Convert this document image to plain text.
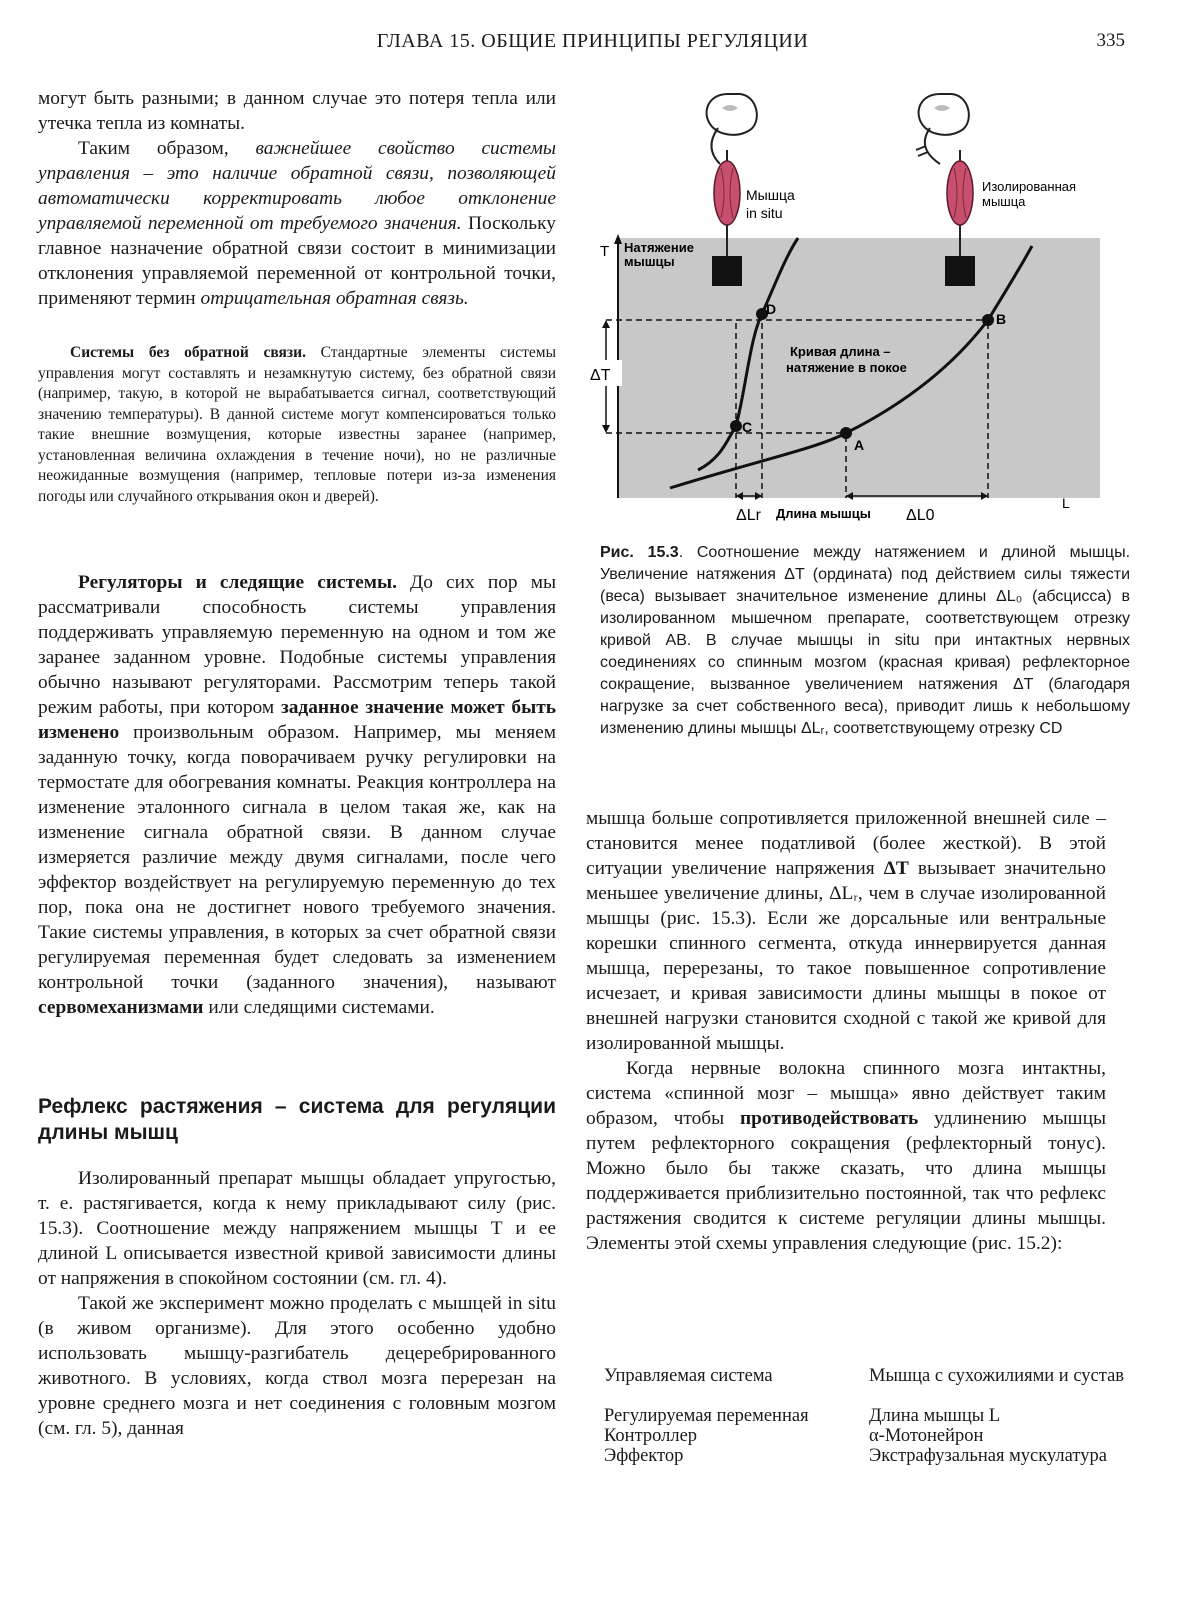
ГЛАВА 15. ОБЩИЕ ПРИНЦИПЫ РЕГУЛЯЦИИ	335

могут быть разными; в данном случае это потеря тепла или утечка тепла из комнаты.

Таким образом, важнейшее свойство системы управления – это наличие обратной связи, позволяющей автоматически корректировать любое отклонение управляемой переменной от требуемого значения. Поскольку главное назначение обратной связи состоит в минимизации отклонения управляемой переменной от контрольной точки, применяют термин отрицательная обратная связь.

Системы без обратной связи. Стандартные элементы системы управления могут составлять и незамкнутую систему, без обратной связи (например, такую, в которой не вырабатывается сигнал, соответствующий значению температуры). В данной системе могут компенсироваться только такие внешние возмущения, которые известны заранее (например, установленная величина охлаждения в течение ночи), но не различные неожиданные возмущения (например, тепловые потери из-за изменения погоды или случайного открывания окон и дверей).

Регуляторы и следящие системы. До сих пор мы рассматривали способность системы управления поддерживать управляемую переменную на одном и том же заранее заданном уровне. Подобные системы управления обычно называют регуляторами. Рассмотрим теперь такой режим работы, при котором заданное значение может быть изменено произвольным образом. Например, мы меняем заданную точку, когда поворачиваем ручку регулировки на термостате для обогревания комнаты. Реакция контроллера на изменение эталонного сигнала в целом такая же, как на изменение сигнала обратной связи. В данном случае измеряется различие между двумя сигналами, после чего эффектор воздействует на регулируемую переменную до тех пор, пока она не достигнет нового требуемого значения. Такие системы управления, в которых за счет обратной связи регулируемая переменная будет следовать за изменением контрольной точки (заданного значения), называют сервомеханизмами или следящими системами.

Рефлекс растяжения – система для регуляции длины мышц

Изолированный препарат мышцы обладает упругостью, т. е. растягивается, когда к нему прикладывают силу (рис. 15.3). Соотношение между напряжением мышцы T и ее длиной L описывается известной кривой зависимости длины от напряжения в спокойном состоянии (см. гл. 4).

Такой же эксперимент можно проделать с мышцей in situ (в живом организме). Для этого особенно удобно использовать мышцу-разгибатель децеребрированного животного. В условиях, когда ствол мозга перерезан на уровне среднего мозга и нет соединения с головным мозгом (см. гл. 5), данная

Мышца
in situ
Изолированная
мышца
T Натяжение
мышцы
L
A
B
C
D
Кривая длина –
натяжение в покое
ΔT
ΔLr Длина мышцы ΔL0
Рис. 15.3. Соотношение между натяжением и длиной мышцы. Увеличение натяжения ΔT (ордината) под действием силы тяжести (веса) вызывает значительное изменение длины ΔL₀ (абсцисса) в изолированном мышечном препарате, соответствующем отрезку кривой AB. В случае мышцы in situ при интактных нервных соединениях со спинным мозгом (красная кривая) рефлекторное сокращение, вызванное увеличением натяжения ΔT (благодаря нагрузке за счет собственного веса), приводит лишь к небольшому изменению длины мышцы ΔLᵣ, соответствующему отрезку CD

мышца больше сопротивляется приложенной внешней силе – становится менее податливой (более жесткой). В этой ситуации увеличение напряжения ΔT вызывает значительно меньшее увеличение длины, ΔLᵣ, чем в случае изолированной мышцы (рис. 15.3). Если же дорсальные или вентральные корешки спинного сегмента, откуда иннервируется данная мышца, перерезаны, то такое повышенное сопротивление исчезает, и кривая зависимости длины мышцы в покое от внешней нагрузки становится сходной с такой же кривой для изолированной мышцы.

Когда нервные волокна спинного мозга интактны, система «спинной мозг – мышца» явно действует таким образом, чтобы противодействовать удлинению мышцы путем рефлекторного сокращения (рефлекторный тонус). Можно было бы также сказать, что длина мышцы поддерживается приблизительно постоянной, так что рефлекс растяжения сводится к системе регуляции длины мышцы. Элементы этой схемы управления следующие (рис. 15.2):

Управляемая система	Мышца с сухожилиями и сустав
Регулируемая переменная	Длина мышцы L
Контроллер	α-Мотонейрон
Эффектор	Экстрафузальная мускулатура
